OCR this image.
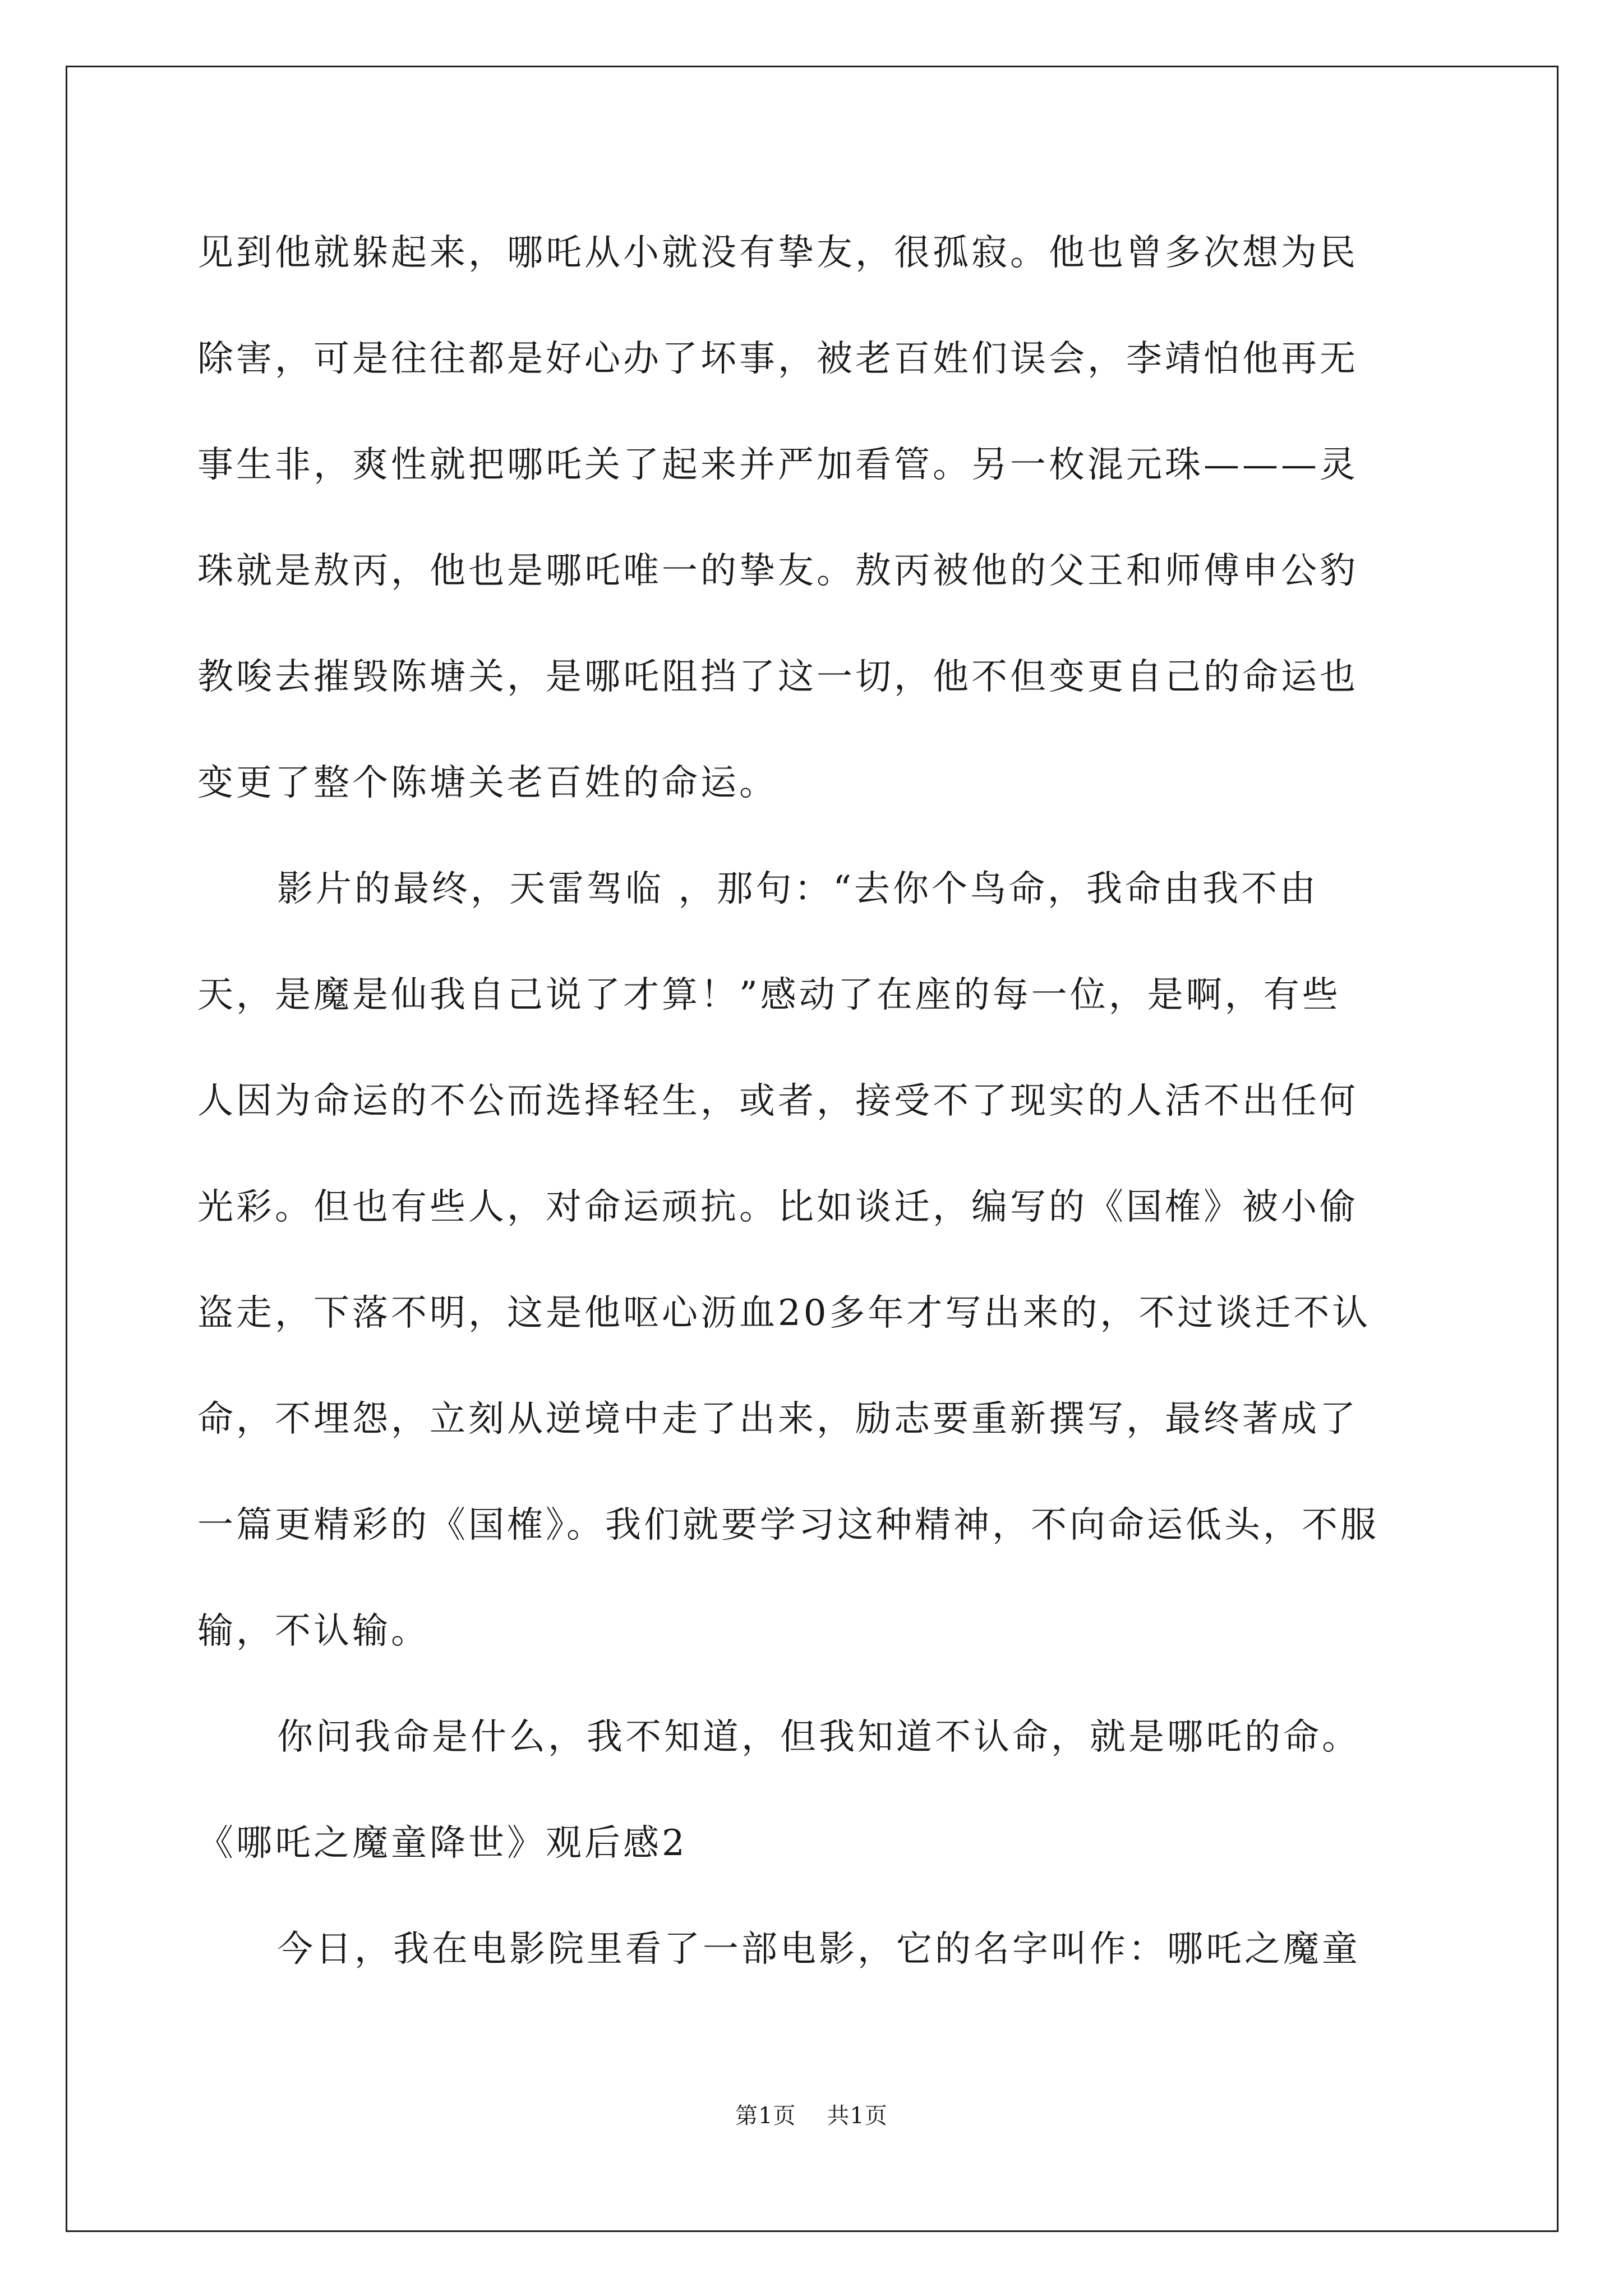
见到他就躲起来，哪吒从小就没有挚友，很孤寂。他也曾多次想为民
除害，可是往往都是好心办了坏事，被老百姓们误会，李靖怕他再无
事生非，爽性就把哪吒关了起来并严加看管。另一枚混元珠———灵
珠就是敖丙，他也是哪吒唯一的挚友。敖丙被他的父王和师傅申公豹
教唆去摧毁陈塘关，是哪吒阻挡了这一切，他不但变更自己的命运也
变更了整个陈塘关老百姓的命运。
影片的最终，天雷驾临 ，那句：“去你个鸟命，我命由我不由
天，是魔是仙我自己说了才算！”感动了在座的每一位，是啊，有些
人因为命运的不公而选择轻生，或者，接受不了现实的人活不出任何
光彩。但也有些人，对命运顽抗。比如谈迁，编写的《国榷》被小偷
盗走，下落不明，这是他呕心沥血20多年才写出来的，不过谈迁不认
命，不埋怨，立刻从逆境中走了出来，励志要重新撰写，最终著成了
一篇更精彩的《国榷》。我们就要学习这种精神，不向命运低头，不服
输，不认输。
你问我命是什么，我不知道，但我知道不认命，就是哪吒的命。
《哪吒之魔童降世》观后感2
今日，我在电影院里看了一部电影，它的名字叫作：哪吒之魔童
第1页 共1页
